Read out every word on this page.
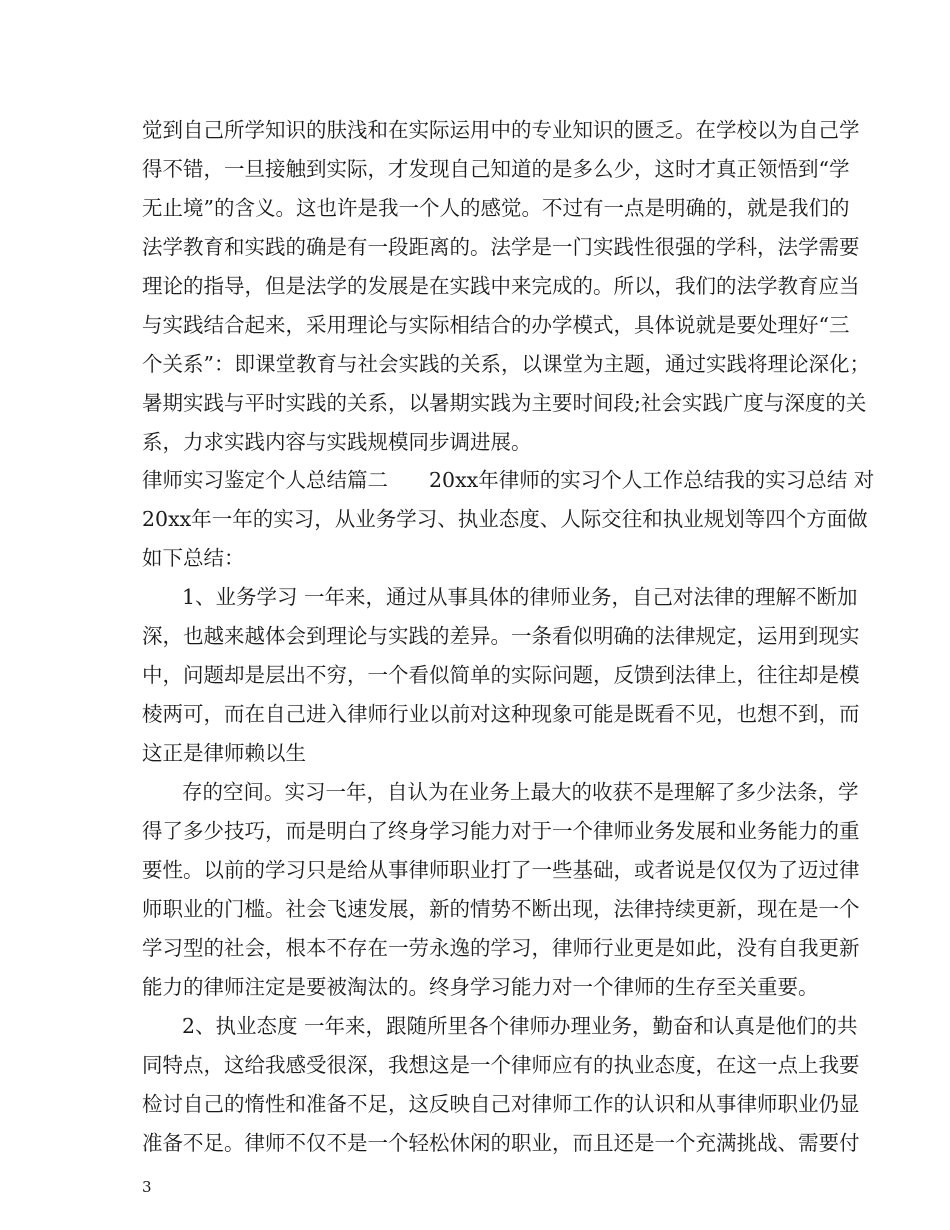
觉到自己所学知识的肤浅和在实际运用中的专业知识的匮乏。在学校以为自己学
得不错，一旦接触到实际，才发现自己知道的是多么少，这时才真正领悟到“学
无止境”的含义。这也许是我一个人的感觉。不过有一点是明确的，就是我们的
法学教育和实践的确是有一段距离的。法学是一门实践性很强的学科，法学需要
理论的指导，但是法学的发展是在实践中来完成的。所以，我们的法学教育应当
与实践结合起来，采用理论与实际相结合的办学模式，具体说就是要处理好“三
个关系”：即课堂教育与社会实践的关系，以课堂为主题，通过实践将理论深化；
暑期实践与平时实践的关系，以暑期实践为主要时间段;社会实践广度与深度的关
系，力求实践内容与实践规模同步调进展。
律师实习鉴定个人总结篇二　　20xx年律师的实习个人工作总结我的实习总结 对
20xx年一年的实习，从业务学习、执业态度、人际交往和执业规划等四个方面做
如下总结：
1、业务学习 一年来，通过从事具体的律师业务，自己对法律的理解不断加
深，也越来越体会到理论与实践的差异。一条看似明确的法律规定，运用到现实
中，问题却是层出不穷，一个看似简单的实际问题，反馈到法律上，往往却是模
棱两可，而在自己进入律师行业以前对这种现象可能是既看不见，也想不到，而
这正是律师赖以生
存的空间。实习一年，自认为在业务上最大的收获不是理解了多少法条，学
得了多少技巧，而是明白了终身学习能力对于一个律师业务发展和业务能力的重
要性。以前的学习只是给从事律师职业打了一些基础，或者说是仅仅为了迈过律
师职业的门槛。社会飞速发展，新的情势不断出现，法律持续更新，现在是一个
学习型的社会，根本不存在一劳永逸的学习，律师行业更是如此，没有自我更新
能力的律师注定是要被淘汰的。终身学习能力对一个律师的生存至关重要。
2、执业态度 一年来，跟随所里各个律师办理业务，勤奋和认真是他们的共
同特点，这给我感受很深，我想这是一个律师应有的执业态度，在这一点上我要
检讨自己的惰性和准备不足，这反映自己对律师工作的认识和从事律师职业仍显
准备不足。律师不仅不是一个轻松休闲的职业，而且还是一个充满挑战、需要付
3
